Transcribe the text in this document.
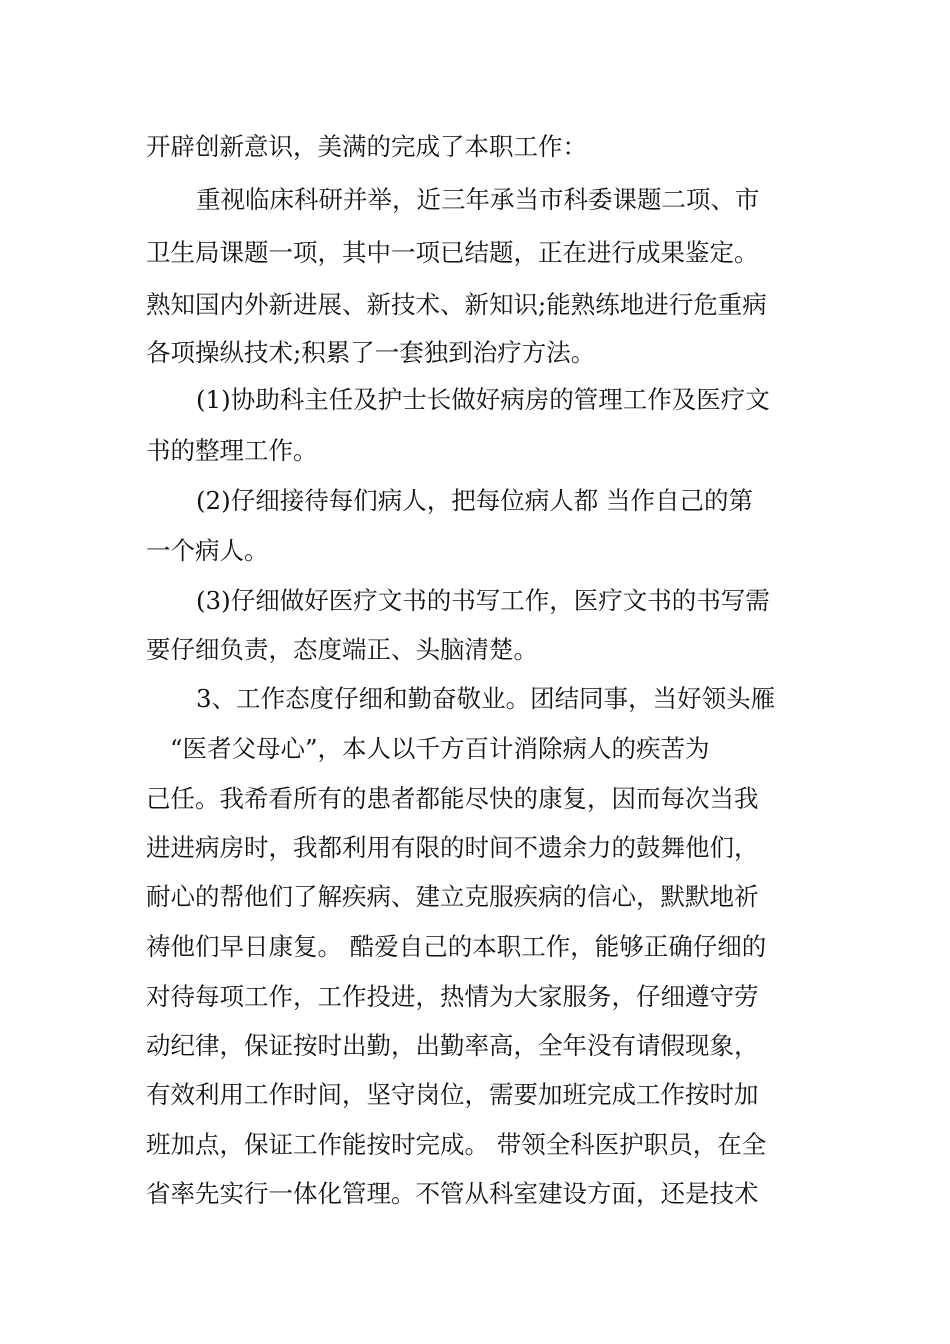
开辟创新意识，美满的完成了本职工作：
重视临床科研并举，近三年承当市科委课题二项、市
卫生局课题一项，其中一项已结题，正在进行成果鉴定。
熟知国内外新进展、新技术、新知识;能熟练地进行危重病
各项操纵技术;积累了一套独到治疗方法。
(1)协助科主任及护士长做好病房的管理工作及医疗文
书的整理工作。
(2)仔细接待每们病人，把每位病人都 当作自己的第
一个病人。
(3)仔细做好医疗文书的书写工作，医疗文书的书写需
要仔细负责，态度端正、头脑清楚。
3、工作态度仔细和勤奋敬业。团结同事，当好领头雁
“医者父母心”，本人以千方百计消除病人的疾苦为
己任。我希看所有的患者都能尽快的康复，因而每次当我
进进病房时，我都利用有限的时间不遗余力的鼓舞他们，
耐心的帮他们了解疾病、建立克服疾病的信心，默默地祈
祷他们早日康复。 酷爱自己的本职工作，能够正确仔细的
对待每项工作，工作投进，热情为大家服务，仔细遵守劳
动纪律，保证按时出勤，出勤率高，全年没有请假现象，
有效利用工作时间，坚守岗位，需要加班完成工作按时加
班加点，保证工作能按时完成。 带领全科医护职员，在全
省率先实行一体化管理。不管从科室建设方面，还是技术
